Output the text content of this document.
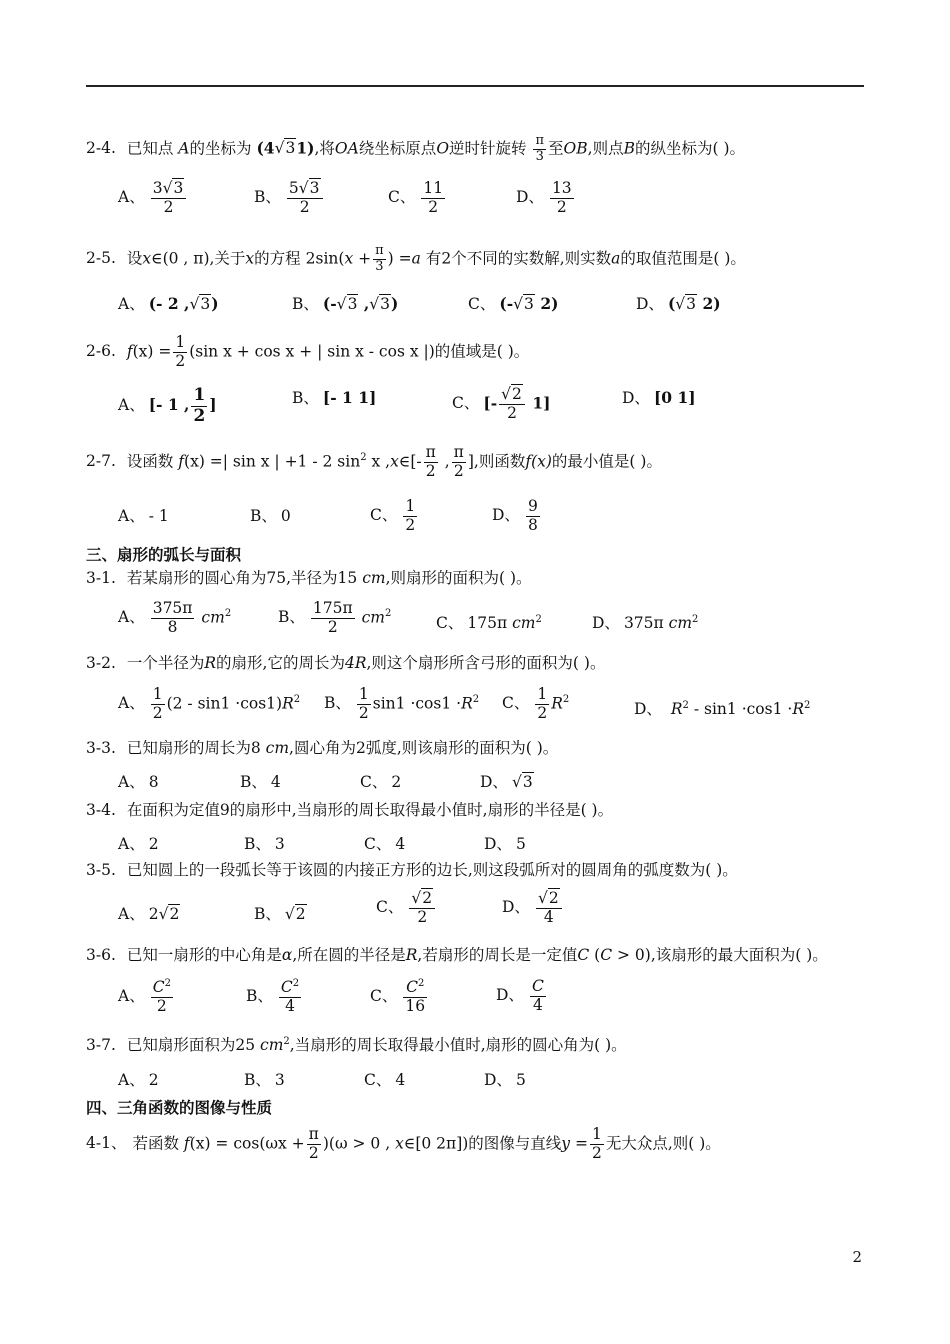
2-4. 已知点 A的坐标为 (4√31),将OA绕坐标原点O逆时针旋转 $\frac{\pi}{3}$ 至OB,则点B的纵坐标为( )。
A、 $\frac{3√3}{2}$	B、 $\frac{5√3}{2}$	C、 $\frac{11}{2}$	D、 $\frac{13}{2}$
2-5. 设x∈(0 , π),关于x的方程 $2\sin(x + \frac{\pi}{3}$ ) =a 有2个不同的实数解,则实数a的取值范围是( )。
A、 (- 2 ,√3)	B、 (-√3 ,√3)	C、 (-√3 2)	D、 (√3 2)
2-6. $f(x) = \frac{1}{2} (\sin$ x + cos x + | sin x - cos x |)的值域是( )。
A、 [- 1 , $\frac{1}{2}$ ]	B、 [- 1 1]	C、 [- $\frac{√2}{2} 1$]	D、 [0 1]
2-7. 设函数 f(x) =| sin x | +1 - 2 $\sin^2 x$ ,x∈[- $\frac{\pi}{2}$ , $\frac{\pi}{2}$ ],则函数f(x)的最小值是( )。
A、 - 1	B、 0	C、 $\frac{1}{2}$	D、 $\frac{9}{8}$
三、扇形的弧长与面积
3-1. 若某扇形的圆心角为75,半径为15 cm,则扇形的面积为( )。
A、 $\frac{375\pi}{8} cm^2$	B、 $\frac{175\pi}{2} cm^2$
C、 175π $cm^2$	D、 375π $cm^2$
3-2. 一个半径为R的扇形,它的周长为4R,则这个扇形所含弓形的面积为( )。
A、 $\frac{1}{2} (2 - \sin 1 \cdot\cos 1)R^2$ B、 $\frac{1}{2} \sin 1 \cdot\cos 1 \cdot R^2$ C、 $\frac{1}{2} R^2$
D、 $R^2 - \sin 1 \cdot\cos 1 \cdot R^2$
3-3. 已知扇形的周长为8 cm,圆心角为2弧度,则该扇形的面积为( )。
A、 8	B、 4	C、 2	D、 √3
3-4. 在面积为定值9的扇形中,当扇形的周长取得最小值时,扇形的半径是( )。
A、 2	B、 3	C、 4	D、 5
3-5. 已知圆上的一段弧长等于该圆的内接正方形的边长,则这段弧所对的圆周角的弧度数为( )。
A、 2√2	B、 √2	C、 $\frac{√2}{2}$	D、 $\frac{√2}{4}$
3-6. 已知一扇形的中心角是α,所在圆的半径是R,若扇形的周长是一定值C (C > 0),该扇形的最大面积为( )。
A、 $\frac{C^2}{2}$	B、 $\frac{C^2}{4}$	C、 $\frac{C^2}{16}$	D、 $\frac{C}{4}$
3-7. 已知扇形面积为25 $cm^2$,当扇形的周长取得最小值时,扇形的圆心角为( )。
A、 2	B、 3	C、 4	D、 5
四、三角函数的图像与性质
4-1、 若函数 $f(x) = \cos(\omega x + \frac{\pi}{2} )(\omega > 0$ , x∈[0 2π])的图像与直线$y = \frac{1}{2}$ 无大众点,则( )。
2
